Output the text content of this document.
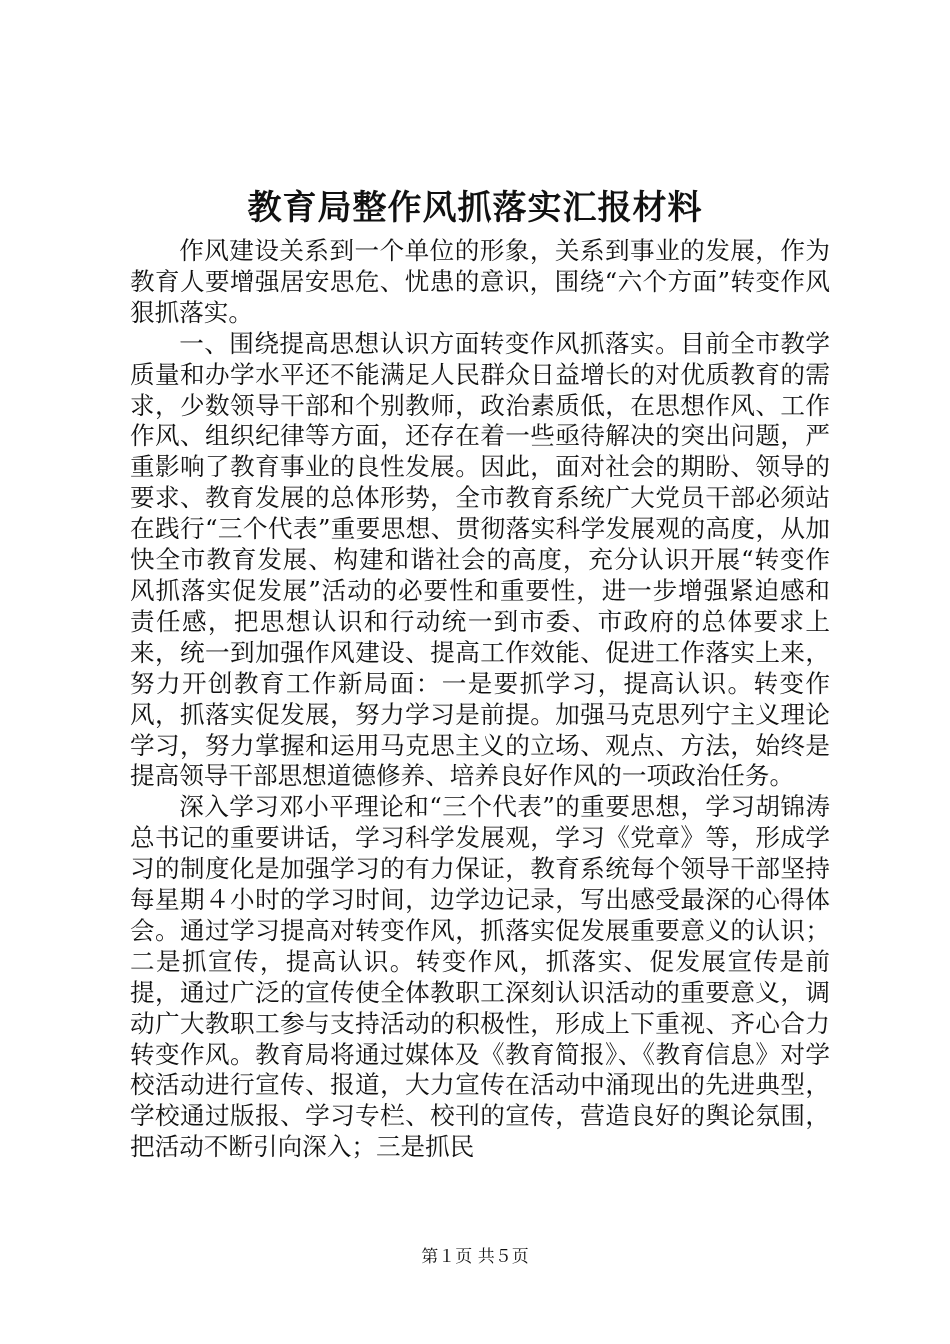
教育局整作风抓落实汇报材料

作风建设关系到一个单位的形象，关系到事业的发展，作为教育人要增强居安思危、忧患的意识，围绕“六个方面”转变作风狠抓落实。

一、围绕提高思想认识方面转变作风抓落实。目前全市教学质量和办学水平还不能满足人民群众日益增长的对优质教育的需求，少数领导干部和个别教师，政治素质低，在思想作风、工作作风、组织纪律等方面，还存在着一些亟待解决的突出问题，严重影响了教育事业的良性发展。因此，面对社会的期盼、领导的要求、教育发展的总体形势，全市教育系统广大党员干部必须站在践行“三个代表”重要思想、贯彻落实科学发展观的高度，从加快全市教育发展、构建和谐社会的高度，充分认识开展“转变作风抓落实促发展”活动的必要性和重要性，进一步增强紧迫感和责任感，把思想认识和行动统一到市委、市政府的总体要求上来，统一到加强作风建设、提高工作效能、促进工作落实上来，努力开创教育工作新局面：一是要抓学习，提高认识。转变作风，抓落实促发展，努力学习是前提。加强马克思列宁主义理论学习，努力掌握和运用马克思主义的立场、观点、方法，始终是提高领导干部思想道德修养、培养良好作风的一项政治任务。

深入学习邓小平理论和“三个代表”的重要思想，学习胡锦涛总书记的重要讲话，学习科学发展观，学习《党章》等，形成学习的制度化是加强学习的有力保证，教育系统每个领导干部坚持每星期４小时的学习时间，边学边记录，写出感受最深的心得体会。通过学习提高对转变作风，抓落实促发展重要意义的认识；二是抓宣传，提高认识。转变作风，抓落实、促发展宣传是前提，通过广泛的宣传使全体教职工深刻认识活动的重要意义，调动广大教职工参与支持活动的积极性，形成上下重视、齐心合力转变作风。教育局将通过媒体及《教育简报》、《教育信息》对学校活动进行宣传、报道，大力宣传在活动中涌现出的先进典型，学校通过版报、学习专栏、校刊的宣传，营造良好的舆论氛围，把活动不断引向深入；三是抓民

第１页 共５页
